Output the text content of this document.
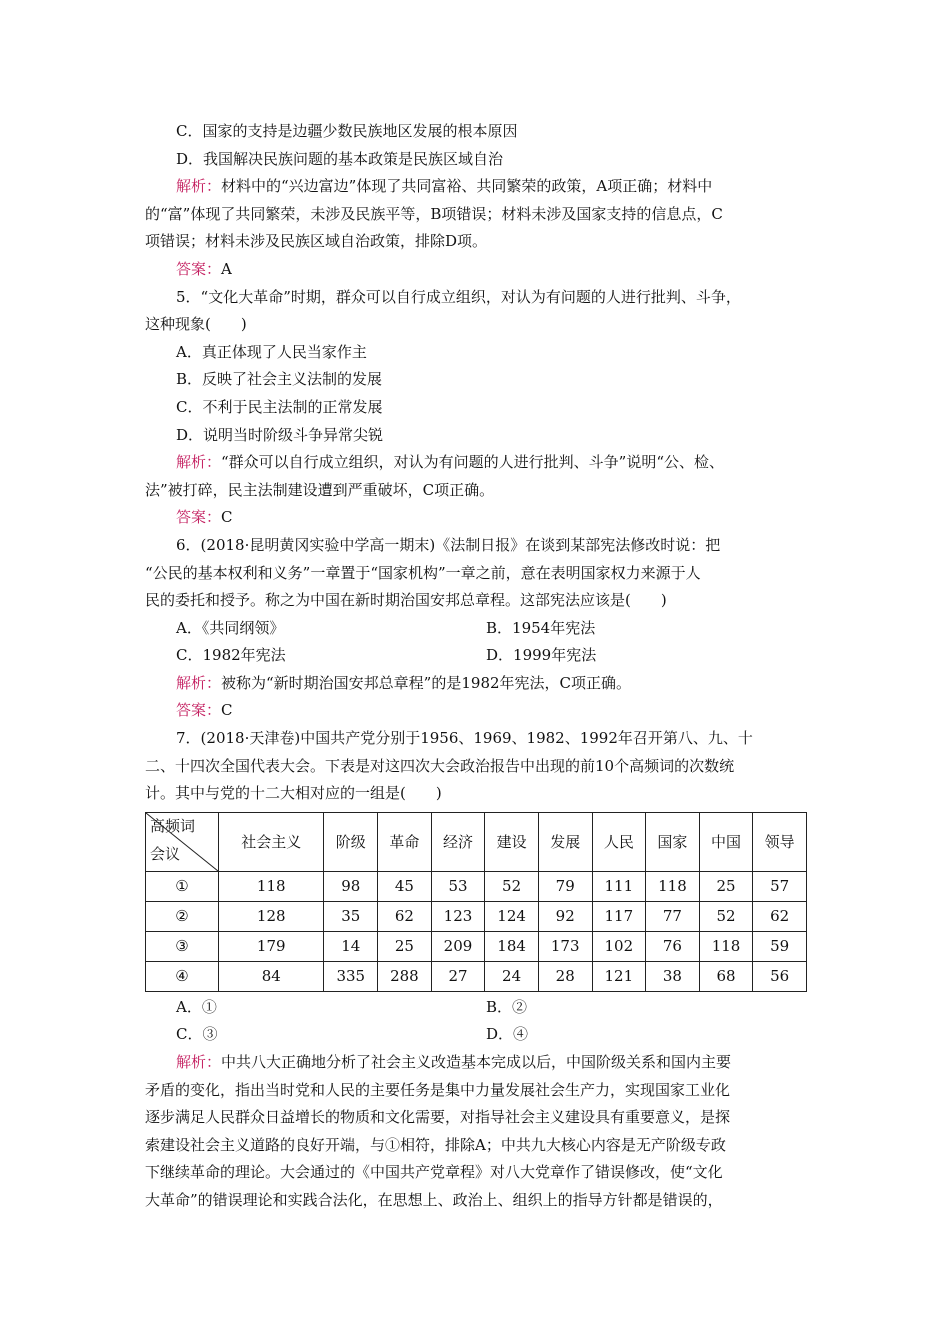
C．国家的支持是边疆少数民族地区发展的根本原因

D．我国解决民族问题的基本政策是民族区域自治

解析：材料中的“兴边富边”体现了共同富裕、共同繁荣的政策，A项正确；材料中

的“富”体现了共同繁荣，未涉及民族平等，B项错误；材料未涉及国家支持的信息点，C

项错误；材料未涉及民族区域自治政策，排除D项。

答案：A

5．“文化大革命”时期，群众可以自行成立组织，对认为有问题的人进行批判、斗争，

这种现象(　　)

A．真正体现了人民当家作主

B．反映了社会主义法制的发展

C．不利于民主法制的正常发展

D．说明当时阶级斗争异常尖锐

解析：“群众可以自行成立组织，对认为有问题的人进行批判、斗争”说明“公、检、

法”被打碎，民主法制建设遭到严重破坏，C项正确。

答案：C

6．(2018·昆明黄冈实验中学高一期末)《法制日报》在谈到某部宪法修改时说：把

“公民的基本权利和义务”一章置于“国家机构”一章之前，意在表明国家权力来源于人

民的委托和授予。称之为中国在新时期治国安邦总章程。这部宪法应该是(　　)

A．《共同纲领》	B．1954年宪法

C．1982年宪法	D．1999年宪法

解析：被称为“新时期治国安邦总章程”的是1982年宪法，C项正确。

答案：C

7．(2018·天津卷)中国共产党分别于1956、1969、1982、1992年召开第八、九、十

二、十四次全国代表大会。下表是对这四次大会政治报告中出现的前10个高频词的次数统

计。其中与党的十二大相对应的一组是(　　)

高频词
会议	社会主义	阶级	革命	经济	建设	发展	人民	国家	中国	领导
①	118	98	45	53	52	79	111	118	25	57
②	128	35	62	123	124	92	117	77	52	62
③	179	14	25	209	184	173	102	76	118	59
④	84	335	288	27	24	28	121	38	68	56

A．①	B．②

C．③	D．④

解析：中共八大正确地分析了社会主义改造基本完成以后，中国阶级关系和国内主要

矛盾的变化，指出当时党和人民的主要任务是集中力量发展社会生产力，实现国家工业化

逐步满足人民群众日益增长的物质和文化需要，对指导社会主义建设具有重要意义，是探

索建设社会主义道路的良好开端，与①相符，排除A；中共九大核心内容是无产阶级专政

下继续革命的理论。大会通过的《中国共产党章程》对八大党章作了错误修改，使“文化

大革命”的错误理论和实践合法化，在思想上、政治上、组织上的指导方针都是错误的，
